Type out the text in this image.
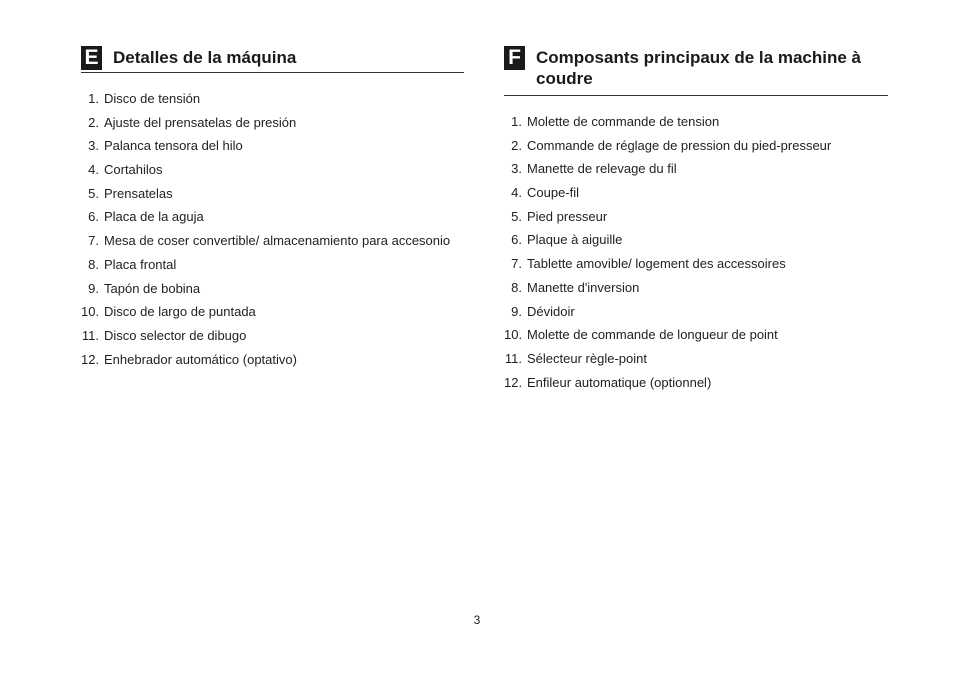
E Detalles de la máquina
1. Disco de tensión
2. Ajuste del prensatelas de presión
3. Palanca tensora del hilo
4. Cortahilos
5. Prensatelas
6. Placa de la aguja
7. Mesa de coser convertible/ almacenamiento para accesonio
8. Placa frontal
9. Tapón de bobina
10. Disco de largo de puntada
11. Disco selector de dibugo
12. Enhebrador automático (optativo)
F Composants principaux de la machine à
coudre
1. Molette de commande de tension
2. Commande de réglage de pression du pied-presseur
3. Manette de relevage du fil
4. Coupe-fil
5. Pied presseur
6. Plaque à aiguille
7. Tablette amovible/ logement des accessoires
8. Manette d'inversion
9. Dévidoir
10. Molette de commande de longueur de point
11. Sélecteur règle-point
12. Enfileur automatique (optionnel)
3
